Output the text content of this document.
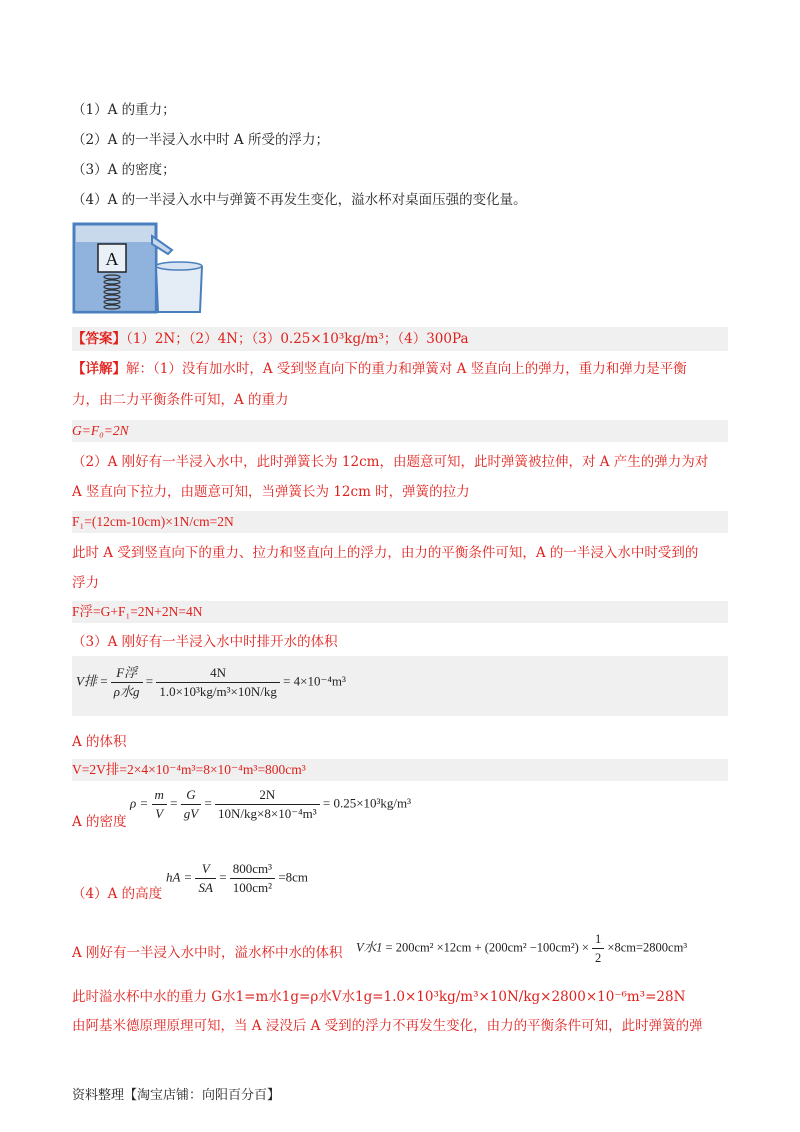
（1）A 的重力；
（2）A 的一半浸入水中时 A 所受的浮力；
（3）A 的密度；
（4）A 的一半浸入水中与弹簧不再发生变化，溢水杯对桌面压强的变化量。
A
【答案】（1）2N；（2）4N；（3）0.25×10³kg/m³；（4）300Pa
【详解】解：（1）没有加水时，A 受到竖直向下的重力和弹簧对 A 竖直向上的弹力，重力和弹力是平衡
力，由二力平衡条件可知，A 的重力
G=F₀=2N
（2）A 刚好有一半浸入水中，此时弹簧长为 12cm，由题意可知，此时弹簧被拉伸，对 A 产生的弹力为对
A 竖直向下拉力，由题意可知，当弹簧长为 12cm 时，弹簧的拉力
F₁=(12cm-10cm)×1N/cm=2N
此时 A 受到竖直向下的重力、拉力和竖直向上的浮力，由力的平衡条件可知，A 的一半浸入水中时受到的
浮力
F浮=G+F₁=2N+2N=4N
（3）A 刚好有一半浸入水中时排开水的体积
V排 = $\frac{\text{F浮}}{\text{ρ水g}} = \frac{4N}{\text{1.0×10³kg/m³×10N/kg}} = 4\times 10^{-4}m^3$
A 的体积
V=2V排=2×4×10⁻⁴m³=8×10⁻⁴m³=800cm³
A 的密度
$\rho = \frac{m}{V} = \frac{G}{gV} = \frac{2N}{\text{10N/kg×8×10⁻⁴m³}} = 0.25\times 10^3kg/m^3$
（4）A 的高度
hA = $\frac{V}{SA} = \frac{\text{800cm³}}{\text{100cm²}} =8cm$
A 刚好有一半浸入水中时，溢水杯中水的体积 V水$1 = 200cm^2 \times 12cm + (200cm^2 -100cm^2) \times \frac{1}{2} \times 8cm=2800cm^3$
此时溢水杯中水的重力 G水1=m水1g=ρ水V水1g=1.0×10³kg/m³×10N/kg×2800×10⁻⁶m³=28N
由阿基米德原理原理可知，当 A 浸没后 A 受到的浮力不再发生变化，由力的平衡条件可知，此时弹簧的弹
资料整理【淘宝店铺：向阳百分百】
